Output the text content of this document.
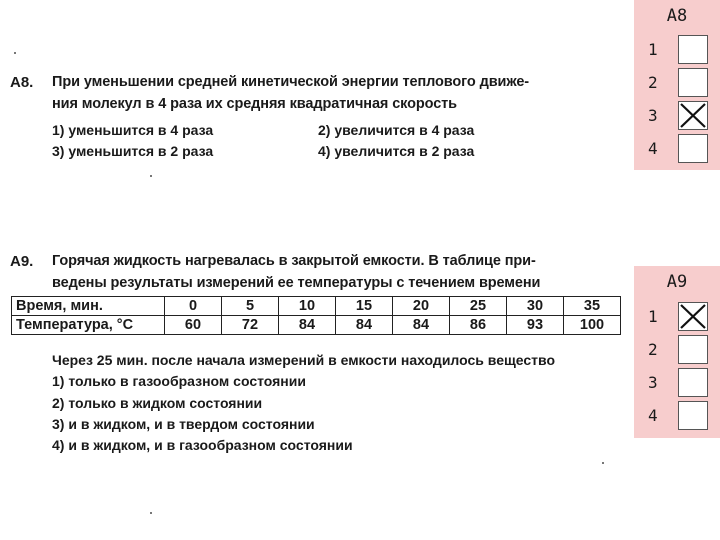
A8. При уменьшении средней кинетической энергии теплового движе-
ния молекул в 4 раза их средняя квадратичная скорость
1) уменьшится в 4 раза	2) увеличится в 4 раза
3) уменьшится в 2 раза	4) увеличится в 2 раза
A9. Горячая жидкость нагревалась в закрытой емкости. В таблице при-
ведены результаты измерений ее температуры с течением времени
Время, мин.	0	5	10	15	20	25	30	35
Температура, °С	60	72	84	84	84	86	93	100
Через 25 мин. после начала измерений в емкости находилось вещество
1) только в газообразном состоянии
2) только в жидком состоянии
3) и в жидком, и в твердом состоянии
4) и в жидком, и в газообразном состоянии
A8
1
2
3
4
A9
1
2
3
4
